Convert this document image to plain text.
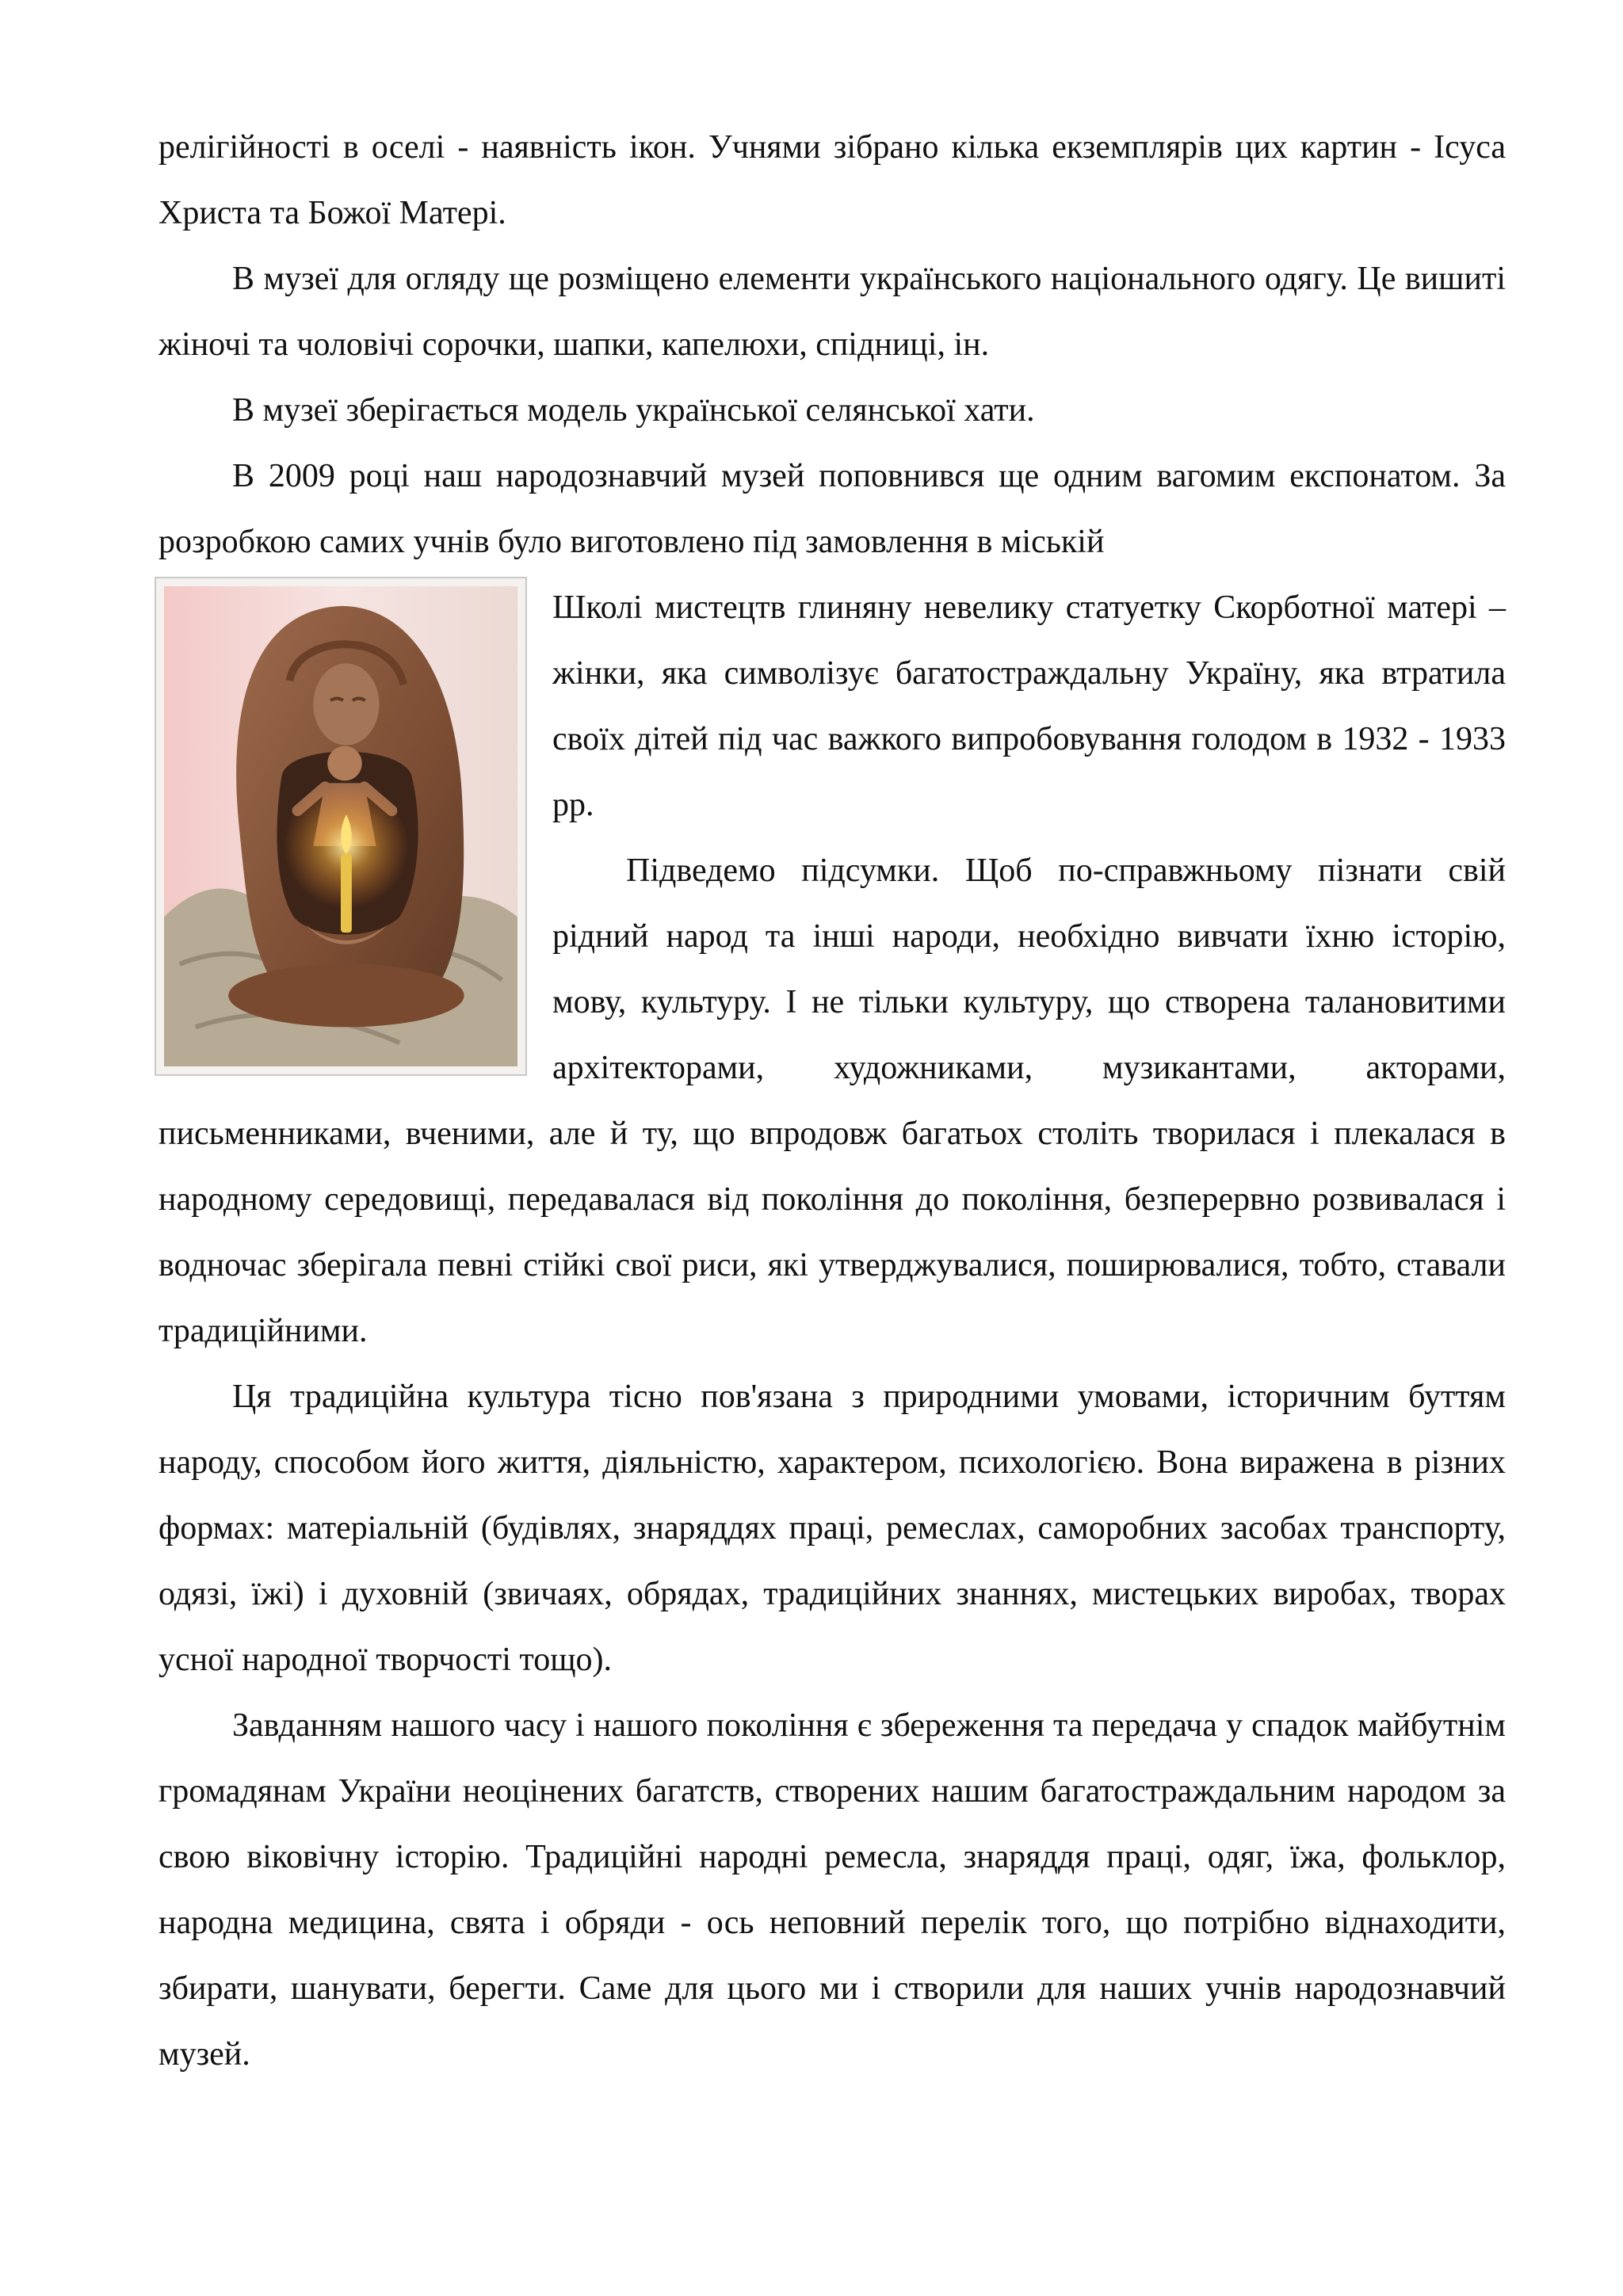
релігійності в оселі - наявність ікон. Учнями зібрано кілька екземплярів цих картин - Ісуса Христа та Божої Матері.

В музеї для огляду ще розміщено елементи українського національного одягу. Це вишиті жіночі та чоловічі сорочки, шапки, капелюхи, спідниці, ін.

В музеї зберігається модель української селянської хати.

В 2009 році наш народознавчий музей поповнився ще одним вагомим експонатом. За розробкою самих учнів було виготовлено під замовлення в міській

Школі мистецтв глиняну невелику статуетку Скорботної матері – жінки, яка символізує багатостраждальну Україну, яка втратила своїх дітей під час важкого випробовування голодом в 1932 - 1933 рр.

Підведемо підсумки. Щоб по-справжньому пізнати свій рідний народ та інші народи, необхідно вивчати їхню історію, мову, культуру. І не тільки культуру, що створена талановитими архітекторами, художниками, музикантами, акторами, письменниками, вченими, але й ту, що впродовж багатьох століть творилася і плекалася в народному середовищі, передавалася від покоління до покоління, безперервно розвивалася і водночас зберігала певні стійкі свої риси, які утверджувалися, поширювалися, тобто, ставали традиційними.

Ця традиційна культура тісно пов'язана з природними умовами, історичним буттям народу, способом його життя, діяльністю, характером, психологією. Вона виражена в різних формах: матеріальній (будівлях, знаряддях праці, ремеслах, саморобних засобах транспорту, одязі, їжі) і духовній (звичаях, обрядах, традиційних знаннях, мистецьких виробах, творах усної народної творчості тощо).

Завданням нашого часу і нашого покоління є збереження та передача у спадок майбутнім громадянам України неоцінених багатств, створених нашим багатостраждальним народом за свою віковічну історію. Традиційні народні ремесла, знаряддя праці, одяг, їжа, фольклор, народна медицина, свята і обряди - ось неповний перелік того, що потрібно віднаходити, збирати, шанувати, берегти. Саме для цього ми і створили для наших учнів народознавчий музей.
